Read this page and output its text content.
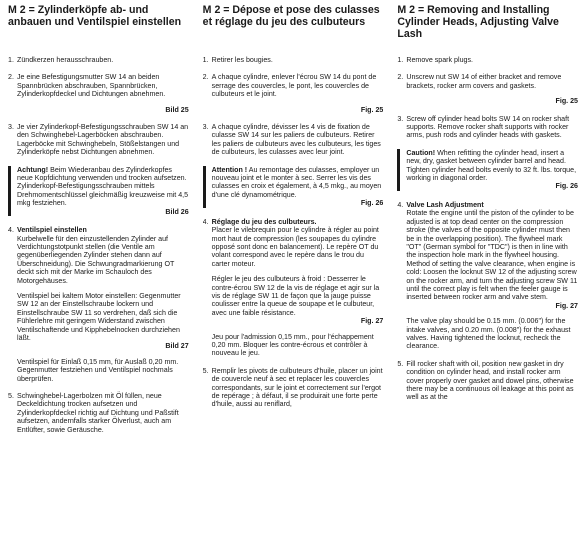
M 2 = Zylinderköpfe ab- und anbauen und Ventilspiel einstellen
1. Zündkerzen herausschrauben.

2. Je eine Befestigungsmutter SW 14 an beiden Spannbrücken abschrauben, Spannbrücken, Zylinderkopfdeckel und Dichtungen abnehmen.

Bild 25
3. Je vier Zylinderkopf-Befestigungsschrauben SW 14 an den Schwinghebel-Lagerböcken abschrauben. Lagerböcke mit Schwinghebeln, Stößelstangen und Zylinderköpfe nebst Dichtungen abnehmen.

Achtung! Beim Wiederanbau des Zylinderkopfes neue Kopfdichtung verwenden und trocken aufsetzen. Zylinderkopf-Befestigungsschrauben mittels Drehmomentschlüssel gleichmäßig kreuzweise mit 4,5 mkg festziehen.
Bild 26
4. Ventilspiel einstellen

Kurbelwelle für den einzustellenden Zylinder auf Verdichtungstotpunkt stellen (die Ventile am gegenüberliegenden Zylinder stehen dann auf Überschneidung). Die Schwungradmarkierung OT deckt sich mit der Marke im Schauloch des Motorgehäuses.

Ventilspiel bei kaltem Motor einstellen: Gegenmutter SW 12 an der Einstellschraube lockern und Einstellschraube SW 11 so verdrehen, daß sich die Fühlerlehre mit geringem Widerstand zwischen Ventilschaftende und Kipphebelnocken durchziehen läßt.

Bild 27

Ventilspiel für Einlaß 0,15 mm, für Auslaß 0,20 mm. Gegenmutter festziehen und Ventilspiel nochmals überprüfen.

5. Schwinghebel-Lagerbolzen mit Öl füllen, neue Deckeldichtung trocken aufsetzen und Zylinderkopfdeckel richtig auf Dichtung und Paßstift aufsetzen, andernfalls starker Ölverlust, auch am Entlüfter, sowie Geräusche.

M 2 = Dépose et pose des culasses et réglage du jeu des culbuteurs
1. Retirer les bougies.

2. A chaque cylindre, enlever l'écrou SW 14 du pont de serrage des couvercles, le pont, les couvercles de culbuteurs et le joint.

Fig. 25
3. A chaque cylindre, dévisser les 4 vis de fixation de culasse SW 14 sur les paliers de culbuteurs. Retirer les paliers de culbuteurs avec les culbuteurs, les tiges de culbuteurs, les culasses avec leur joint.

Attention ! Au remontage des culasses, employer un nouveau joint et le monter à sec. Serrer les vis des culasses en croix et également, à 4,5 mkg., au moyen d'une clé dynamométrique.
Fig. 26
4. Réglage du jeu des culbuteurs.

Placer le vilebrequin pour le cylindre à régler au point mort haut de compression (les soupapes du cylindre opposé sont donc en balancement). Le repère OT du volant correspond avec le repère dans le trou du carter moteur.

Régler le jeu des culbuteurs à froid : Desserrer le contre-écrou SW 12 de la vis de réglage et agir sur la vis de réglage SW 11 de façon que la jauge puisse coulisser entre la queue de soupape et le culbuteur, avec une faible résistance.

Fig. 27

Jeu pour l'admission 0,15 mm., pour l'échappement 0,20 mm. Bloquer les contre-écrous et contrôler à nouveau le jeu.

5. Remplir les pivots de culbuteurs d'huile, placer un joint de couvercle neuf à sec et replacer les couvercles correspondants, sur le joint et correctement sur l'ergot de repérage ; à défaut, il se produirait une forte perte d'huile, aussi au reniflard,

M 2 = Removing and Installing Cylinder Heads, Adjusting Valve Lash
1. Remove spark plugs.

2. Unscrew nut SW 14 of either bracket and remove brackets, rocker arm covers and gaskets.

Fig. 25
3. Screw off cylinder head bolts SW 14 on rocker shaft supports. Remove rocker shaft supports with rocker arms, push rods and cylinder heads with gaskets.

Caution! When refitting the cylinder head, insert a new, dry, gasket between cylinder barrel and head. Tighten cylinder head bolts evenly to 32 ft. lbs. torque, working in diagonal order.
Fig. 26
4. Valve Lash Adjustment

Rotate the engine until the piston of the cylinder to be adjusted is at top dead center on the compression stroke (the valves of the opposite cylinder must then be in the overlapping position). The flywheel mark "OT" (German symbol for "TDC") is then in line with the inspection hole mark in the flywheel housing. Method of setting the valve clearance, when engine is cold: Loosen the locknut SW 12 of the adjusting screw on the rocker arm, and turn the adjusting screw SW 11 until the correct play is felt when the feeler gauge is inserted between rocker arm and valve stem.

Fig. 27

The valve play should be 0.15 mm. (0.006") for the intake valves, and 0.20 mm. (0.008") for the exhaust valves. Having tightened the locknut, recheck the clearance.

5. Fill rocker shaft with oil, position new gasket in dry condition on cylinder head, and install rocker arm cover properly over gasket and dowel pins, otherwise there may be a continuous oil leakage at this point as well as at the
